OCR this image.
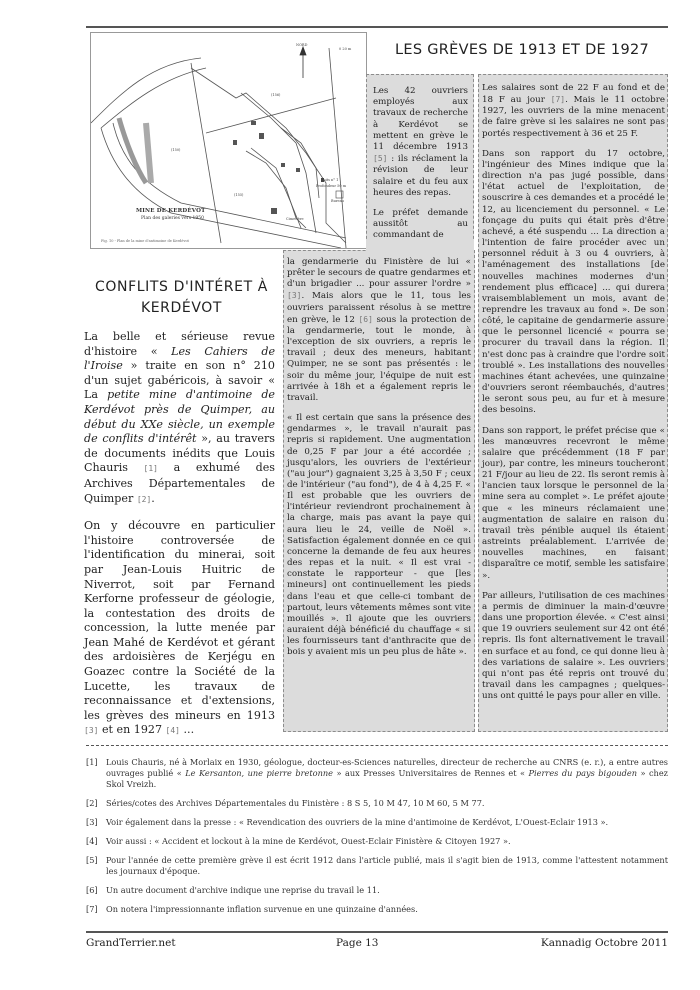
NORD
0 20 m
(156)
(150)
(155)
Puits n° 1
Profondeur 50 m
Bureau
Cimetière
MINE DE KERDÉVOT
Plan des galeries vers 1950
Fig. 10 - Plan de la mine d'antimoine de Kerdévot
LES GRÈVES DE 1913 ET DE 1927

Les 42 ouvriers employés aux travaux de recherche à Kerdévot se mettent en grève le 11 décembre 1913 [5] : ils réclament la révision de leur salaire et du feu aux heures des repas.

Le préfet demande aussitôt au commandant de

la gendarmerie du Finistère de lui « prêter le secours de quatre gendarmes et d'un brigadier ... pour assurer l'ordre » [3]. Mais alors que le 11, tous les ouvriers paraissent résolus à se mettre en grève, le 12 [6] sous la protection de la gendarmerie, tout le monde, à l'exception de six ouvriers, a repris le travail ; deux des meneurs, habitant Quimper, ne se sont pas présentés : le soir du même jour, l'équipe de nuit est arrivée à 18h et a également repris le travail.

« Il est certain que sans la présence des gendarmes », le travail n'aurait pas repris si rapidement. Une augmentation de 0,25 F par jour a été accordée ; jusqu'alors, les ouvriers de l'extérieur ("au jour") gagnaient 3,25 à 3,50 F ; ceux de l'intérieur ("au fond"), de 4 à 4,25 F. « Il est probable que les ouvriers de l'intérieur reviendront prochainement à la charge, mais pas avant la paye qui aura lieu le 24, veille de Noël ». Satisfaction également donnée en ce qui concerne la demande de feu aux heures des repas et la nuit. « Il est vrai - constate le rapporteur - que [les mineurs] ont continuellement les pieds dans l'eau et que celle-ci tombant de partout, leurs vêtements mêmes sont vite mouillés ». Il ajoute que les ouvriers auraient déjà bénéficié du chauffage « si les fournisseurs tant d'anthracite que de bois y avaient mis un peu plus de hâte ».

Les salaires sont de 22 F au fond et de 18 F au jour [7]. Mais le 11 octobre 1927, les ouvriers de la mine menacent de faire grève si les salaires ne sont pas portés respectivement à 36 et 25 F.

Dans son rapport du 17 octobre, l'ingénieur des Mines indique que la direction n'a pas jugé possible, dans l'état actuel de l'exploitation, de souscrire à ces demandes et a procédé le 12, au licenciement du personnel. « Le fonçage du puits qui était près d'être achevé, a été suspendu ... La direction a l'intention de faire procéder avec un personnel réduit à 3 ou 4 ouvriers, à l'aménagement des installations [de nouvelles machines modernes d'un rendement plus efficace] ... qui durera vraisemblablement un mois, avant de reprendre les travaux au fond ». De son côté, le capitaine de gendarmerie assure que le personnel licencié « pourra se procurer du travail dans la région. Il n'est donc pas à craindre que l'ordre soit troublé ». Les installations des nouvelles machines étant achevées, une quinzaine d'ouvriers seront réembauchés, d'autres le seront sous peu, au fur et à mesure des besoins.

Dans son rapport, le préfet précise que « les manœuvres recevront le même salaire que précédemment (18 F par jour), par contre, les mineurs toucheront 21 F/jour au lieu de 22. Ils seront remis à l'ancien taux lorsque le personnel de la mine sera au complet ». Le préfet ajoute que « les mineurs réclamaient une augmentation de salaire en raison du travail très pénible auquel ils étaient astreints préalablement. L'arrivée de nouvelles machines, en faisant disparaître ce motif, semble les satisfaire ».

Par ailleurs, l'utilisation de ces machines a permis de diminuer la main-d'œuvre dans une proportion élevée. « C'est ainsi que 19 ouvriers seulement sur 42 ont été repris. Ils font alternativement le travail en surface et au fond, ce qui donne lieu à des variations de salaire ». Les ouvriers qui n'ont pas été repris ont trouvé du travail dans les campagnes ; quelques-uns ont quitté le pays pour aller en ville.

CONFLITS D'INTÉRET À
KERDÉVOT

La belle et sérieuse revue d'histoire « Les Cahiers de l'Iroise » traite en son n° 210 d'un sujet gabéricois, à savoir « La petite mine d'antimoine de Kerdévot près de Quimper, au début du XXe siècle, un exemple de conflits d'intérêt », au travers de documents inédits que Louis Chauris [1] a exhumé des Archives Départementales de Quimper [2].

On y découvre en particulier l'histoire controversée de l'identification du minerai, soit par Jean-Louis Huitric de Niverrot, soit par Fernand Kerforne professeur de géologie, la contestation des droits de concession, la lutte menée par Jean Mahé de Kerdévot et gérant des ardoisières de Kerjégu en Goazec contre la Société de la Lucette, les travaux de reconnaissance et d'extensions, les grèves des mineurs en 1913 [3] et en 1927 [4] ...

[1]	Louis Chauris, né à Morlaix en 1930, géologue, docteur-es-Sciences naturelles, directeur de recherche au CNRS (e. r.), a entre autres ouvrages publié « Le Kersanton, une pierre bretonne » aux Presses Universitaires de Rennes et « Pierres du pays bigouden » chez Skol Vreizh.
[2]	Séries/cotes des Archives Départementales du Finistère : 8 S 5, 10 M 47, 10 M 60, 5 M 77.
[3]	Voir également dans la presse : « Revendication des ouvriers de la mine d'antimoine de Kerdévot, L'Ouest-Eclair 1913 ».
[4]	Voir aussi : « Accident et lockout à la mine de Kerdévot, Ouest-Eclair Finistère & Citoyen 1927 ».
[5]	Pour l'année de cette première grève il est écrit 1912 dans l'article publié, mais il s'agit bien de 1913, comme l'attestent notamment les journaux d'époque.
[6]	Un autre document d'archive indique une reprise du travail le 11.
[7]	On notera l'impressionnante inflation survenue en une quinzaine d'années.
GrandTerrier.net	Page 13	Kannadig Octobre 2011
